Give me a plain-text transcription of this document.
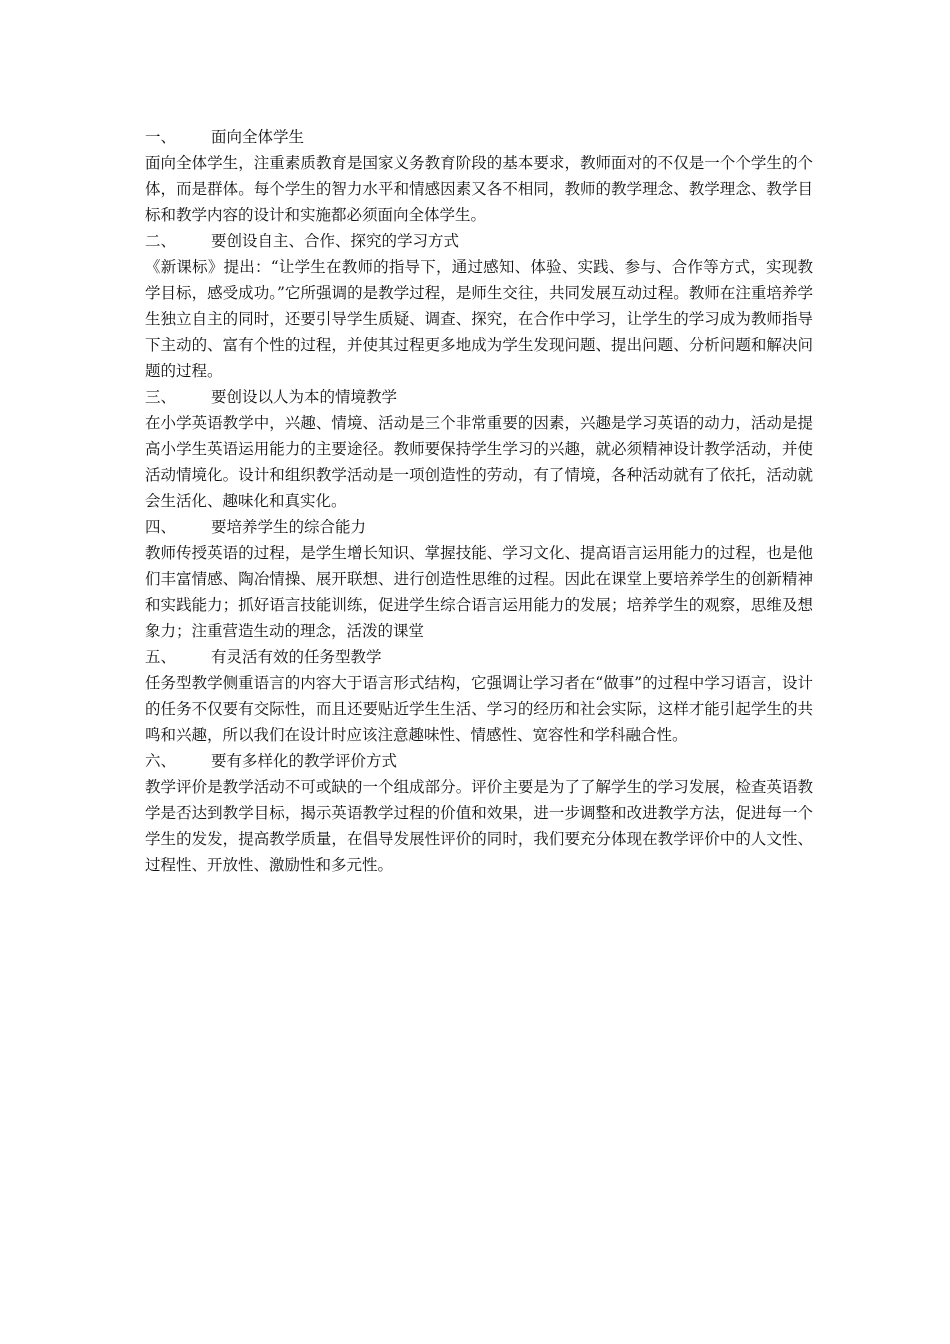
一、	面向全体学生

面向全体学生，注重素质教育是国家义务教育阶段的基本要求，教师面对的不仅是一个个学生的个体，而是群体。每个学生的智力水平和情感因素又各不相同，教师的教学理念、教学理念、教学目标和教学内容的设计和实施都必须面向全体学生。

二、	要创设自主、合作、探究的学习方式

《新课标》提出：“让学生在教师的指导下，通过感知、体验、实践、参与、合作等方式，实现教学目标，感受成功。”它所强调的是教学过程，是师生交往，共同发展互动过程。教师在注重培养学生独立自主的同时，还要引导学生质疑、调查、探究，在合作中学习，让学生的学习成为教师指导下主动的、富有个性的过程，并使其过程更多地成为学生发现问题、提出问题、分析问题和解决问题的过程。

三、	要创设以人为本的情境教学

在小学英语教学中，兴趣、情境、活动是三个非常重要的因素，兴趣是学习英语的动力，活动是提高小学生英语运用能力的主要途径。教师要保持学生学习的兴趣，就必须精神设计教学活动，并使活动情境化。设计和组织教学活动是一项创造性的劳动，有了情境，各种活动就有了依托，活动就会生活化、趣味化和真实化。

四、	要培养学生的综合能力

教师传授英语的过程，是学生增长知识、掌握技能、学习文化、提高语言运用能力的过程，也是他们丰富情感、陶冶情操、展开联想、进行创造性思维的过程。因此在课堂上要培养学生的创新精神和实践能力；抓好语言技能训练，促进学生综合语言运用能力的发展；培养学生的观察，思维及想象力；注重营造生动的理念，活泼的课堂

五、	有灵活有效的任务型教学

任务型教学侧重语言的内容大于语言形式结构，它强调让学习者在“做事”的过程中学习语言，设计的任务不仅要有交际性，而且还要贴近学生生活、学习的经历和社会实际，这样才能引起学生的共鸣和兴趣，所以我们在设计时应该注意趣味性、情感性、宽容性和学科融合性。

六、	要有多样化的教学评价方式

教学评价是教学活动不可或缺的一个组成部分。评价主要是为了了解学生的学习发展，检查英语教学是否达到教学目标，揭示英语教学过程的价值和效果，进一步调整和改进教学方法，促进每一个学生的发发，提高教学质量，在倡导发展性评价的同时，我们要充分体现在教学评价中的人文性、过程性、开放性、激励性和多元性。
